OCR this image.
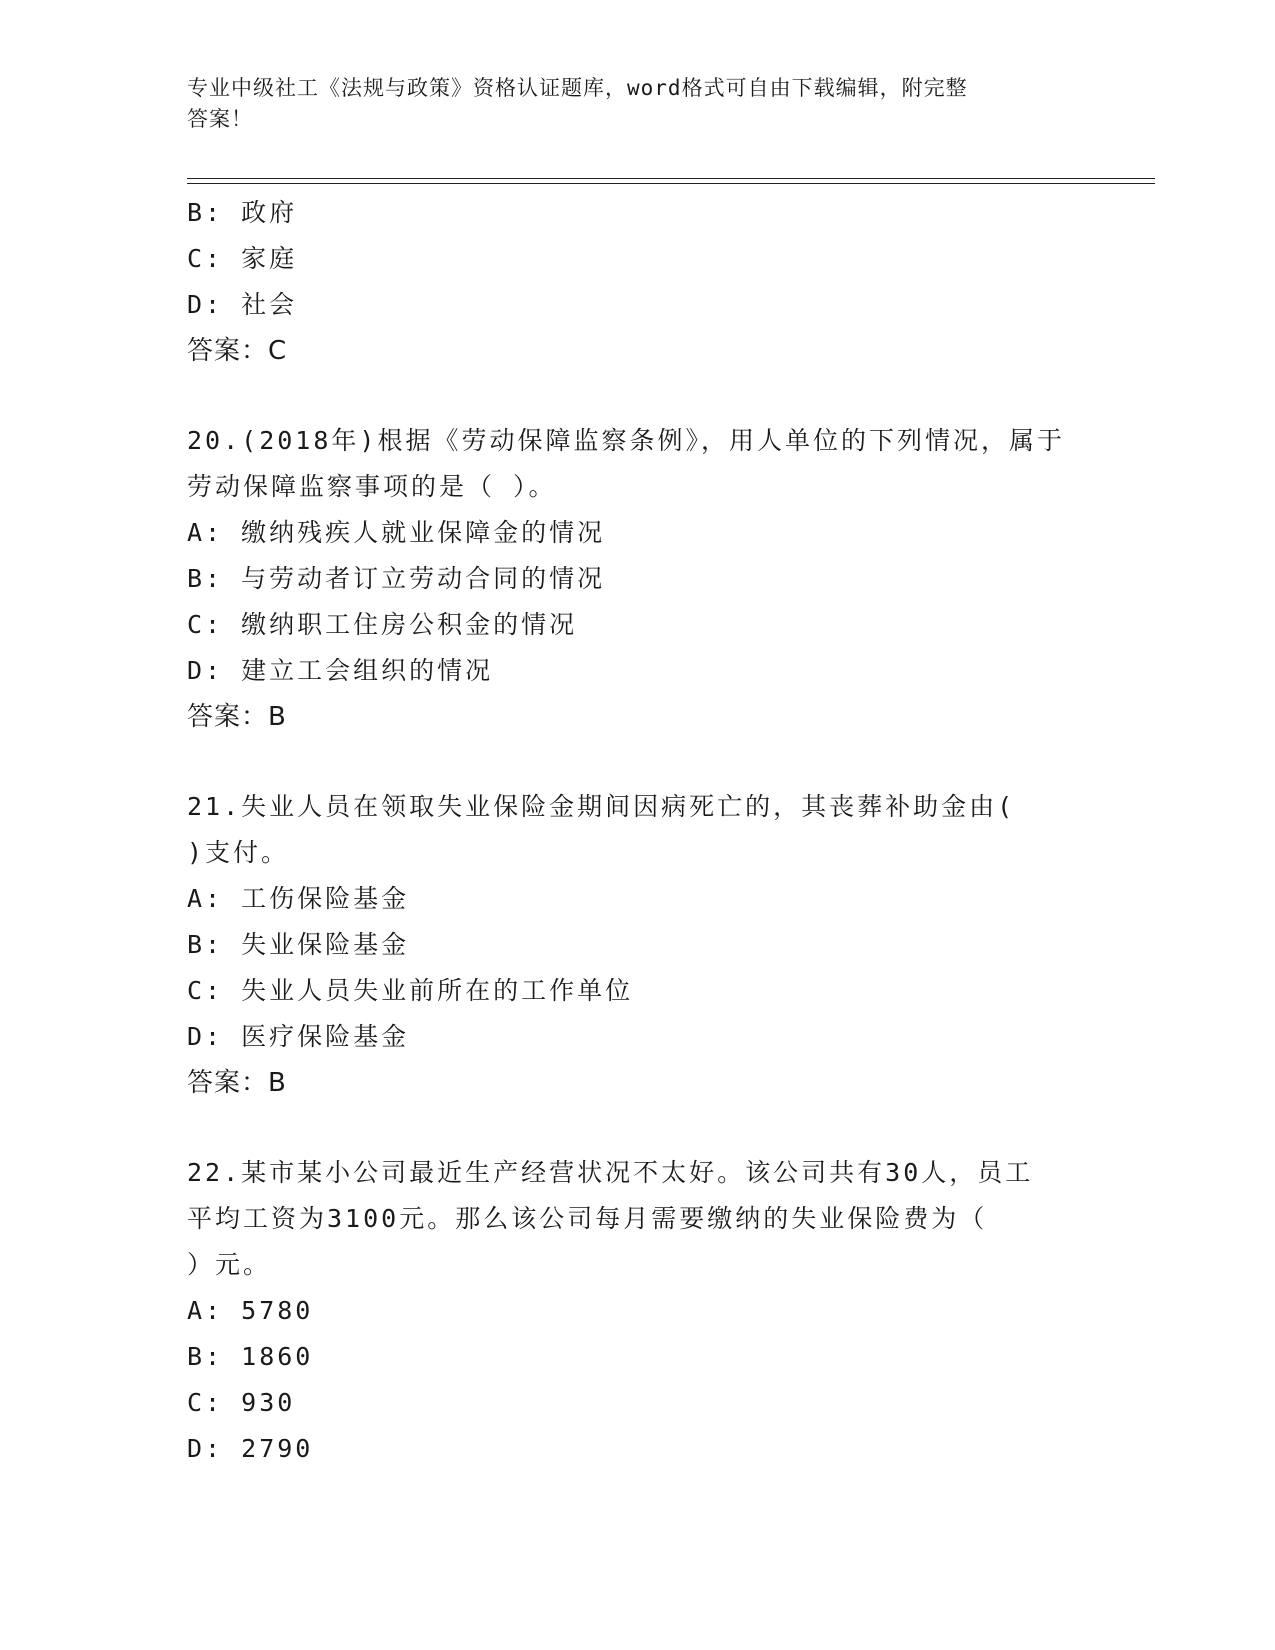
专业中级社工《法规与政策》资格认证题库，word格式可自由下载编辑，附完整
答案！
B: 政府
C: 家庭
D: 社会
答案：C
20.(2018年)根据《劳动保障监察条例》，用人单位的下列情况，属于
劳动保障监察事项的是（ ）。
A: 缴纳残疾人就业保障金的情况
B: 与劳动者订立劳动合同的情况
C: 缴纳职工住房公积金的情况
D: 建立工会组织的情况
答案：B
21.失业人员在领取失业保险金期间因病死亡的，其丧葬补助金由(
)支付。
A: 工伤保险基金
B: 失业保险基金
C: 失业人员失业前所在的工作单位
D: 医疗保险基金
答案：B
22.某市某小公司最近生产经营状况不太好。该公司共有30人，员工
平均工资为3100元。那么该公司每月需要缴纳的失业保险费为（
）元。
A: 5780
B: 1860
C: 930
D: 2790
